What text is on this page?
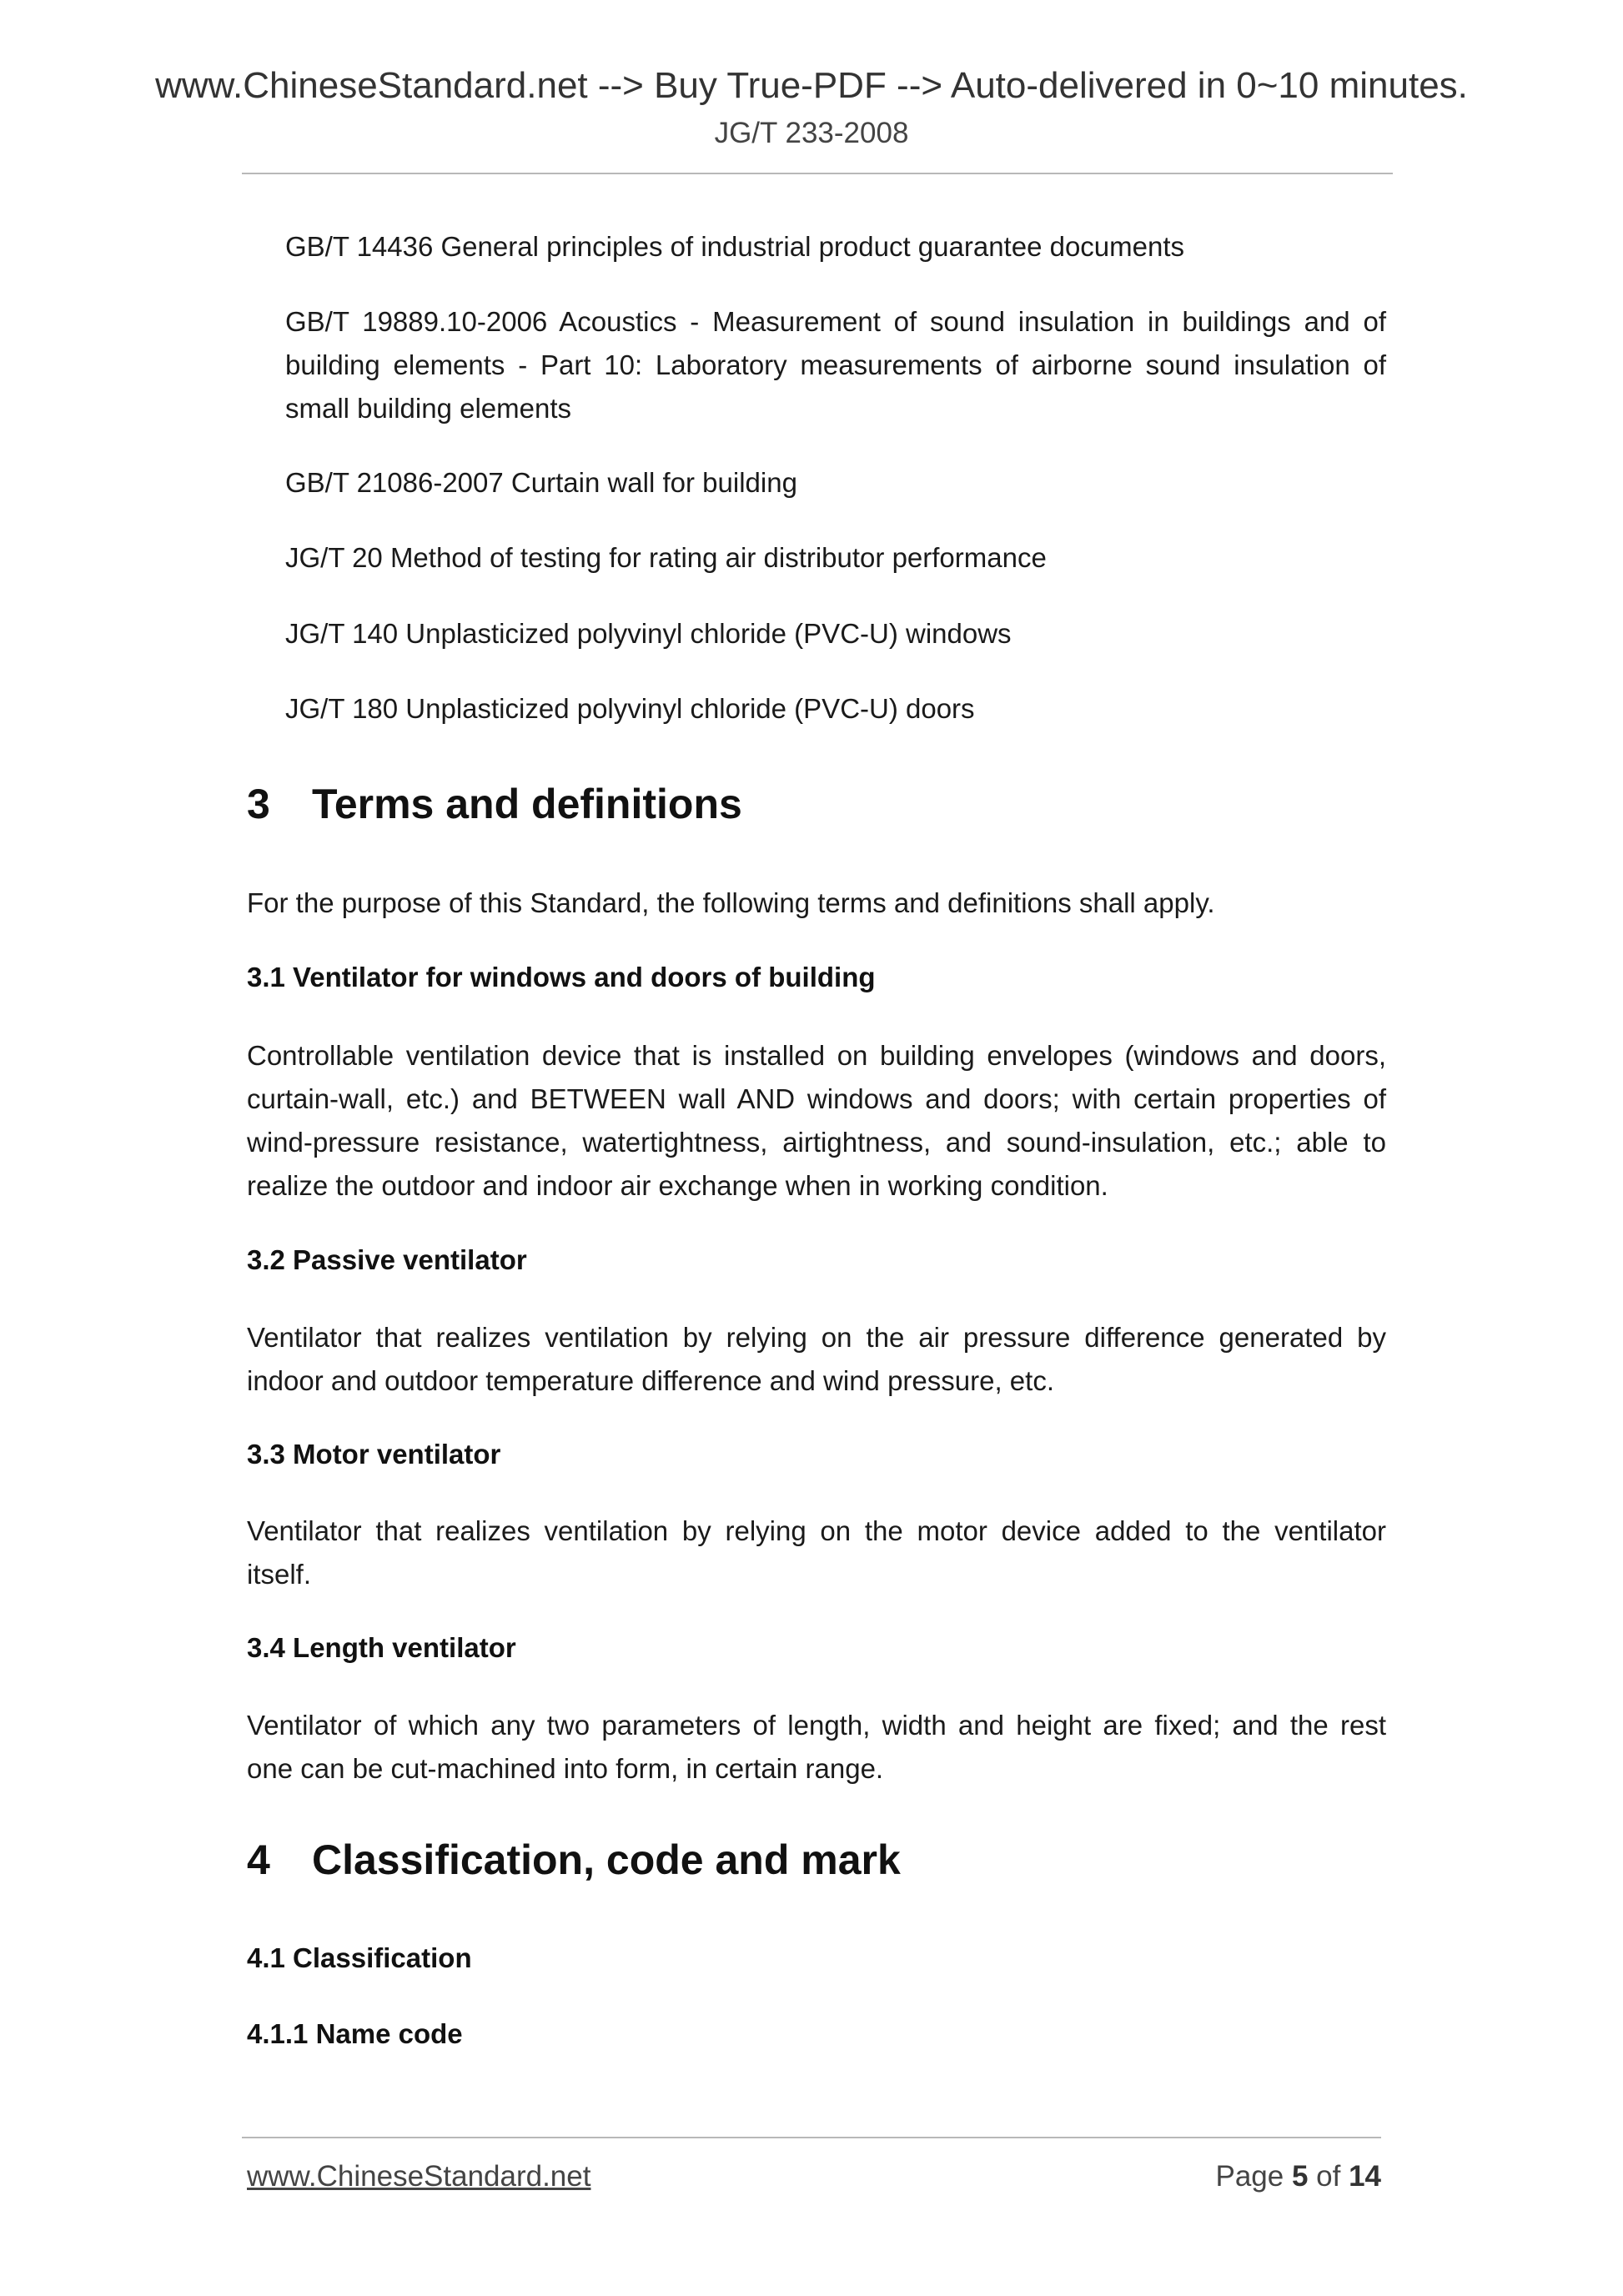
www.ChineseStandard.net --> Buy True-PDF --> Auto-delivered in 0~10 minutes.
JG/T 233-2008
GB/T 14436 General principles of industrial product guarantee documents
GB/T 19889.10-2006 Acoustics - Measurement of sound insulation in buildings and of
building elements - Part 10: Laboratory measurements of airborne sound insulation of
small building elements
GB/T 21086-2007 Curtain wall for building
JG/T 20 Method of testing for rating air distributor performance
JG/T 140 Unplasticized polyvinyl chloride (PVC-U) windows
JG/T 180 Unplasticized polyvinyl chloride (PVC-U) doors
3 Terms and definitions
For the purpose of this Standard, the following terms and definitions shall apply.
3.1 Ventilator for windows and doors of building
Controllable ventilation device that is installed on building envelopes (windows and doors,
curtain-wall, etc.) and BETWEEN wall AND windows and doors; with certain properties of
wind-pressure resistance, watertightness, airtightness, and sound-insulation, etc.; able to
realize the outdoor and indoor air exchange when in working condition.
3.2 Passive ventilator
Ventilator that realizes ventilation by relying on the air pressure difference generated by
indoor and outdoor temperature difference and wind pressure, etc.
3.3 Motor ventilator
Ventilator that realizes ventilation by relying on the motor device added to the ventilator
itself.
3.4 Length ventilator
Ventilator of which any two parameters of length, width and height are fixed; and the rest
one can be cut-machined into form, in certain range.
4 Classification, code and mark
4.1 Classification
4.1.1 Name code
www.ChineseStandard.net	Page 5 of 14
